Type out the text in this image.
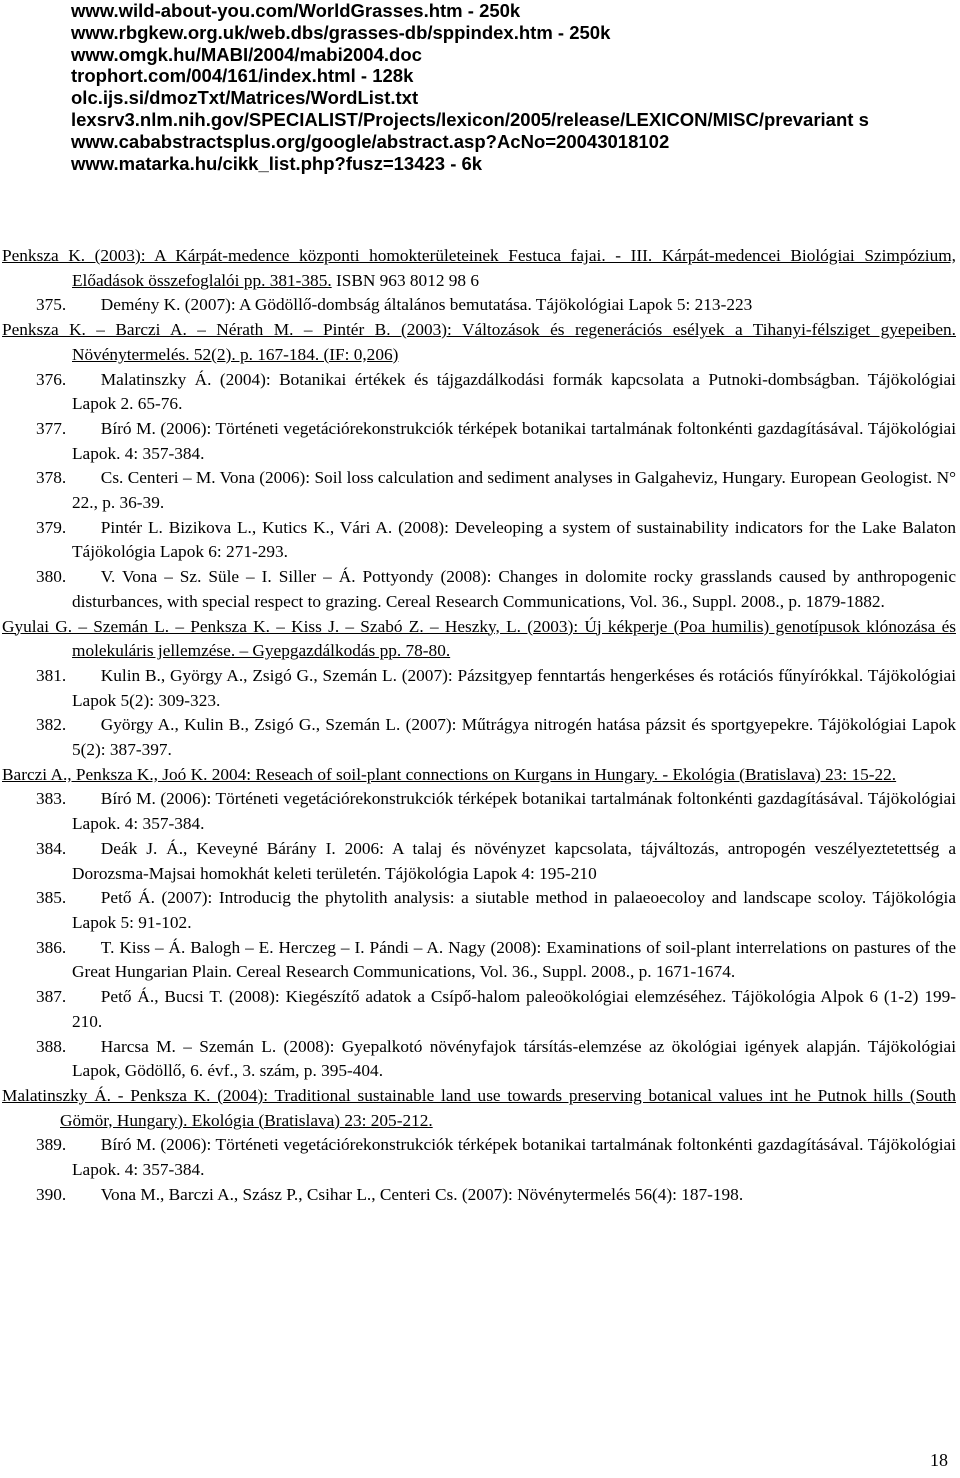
www.wild-about-you.com/WorldGrasses.htm - 250k
www.rbgkew.org.uk/web.dbs/grasses-db/sppindex.htm - 250k
www.omgk.hu/MABI/2004/mabi2004.doc
trophort.com/004/161/index.html - 128k
olc.ijs.si/dmozTxt/Matrices/WordList.txt
lexsrv3.nlm.nih.gov/SPECIALIST/Projects/lexicon/2005/release/LEXICON/MISC/prevariant s
www.cababstractsplus.org/google/abstract.asp?AcNo=20043018102
www.matarka.hu/cikk_list.php?fusz=13423 - 6k

Penksza K. (2003): A Kárpát-medence központi homokterületeinek Festuca fajai. - III. Kárpát-medencei Biológiai Szimpózium, Előadások összefoglalói pp. 381-385. ISBN 963 8012 98 6

375.  Demény K. (2007): A Gödöllő-dombság általános bemutatása. Tájökológiai Lapok 5: 213-223

Penksza K. – Barczi A. – Nérath M. – Pintér B. (2003): Változások és regenerációs esélyek a Tihanyi-félsziget gyepeiben. Növénytermelés. 52(2). p. 167-184. (IF: 0,206)

376.  Malatinszky Á. (2004): Botanikai értékek és tájgazdálkodási formák kapcsolata a Putnoki-dombságban. Tájökológiai Lapok 2. 65-76.

377.  Bíró M. (2006): Történeti vegetációrekonstrukciók térképek botanikai tartalmának foltonkénti gazdagításával. Tájökológiai Lapok. 4: 357-384.

378.  Cs. Centeri – M. Vona (2006): Soil loss calculation and sediment analyses in Galgaheviz, Hungary. European Geologist. N° 22., p. 36-39.

379.  Pintér L. Bizikova L., Kutics K., Vári A. (2008): Develeoping a system of sustainability indicators for the Lake Balaton Tájökológia Lapok 6: 271-293.

380.  V. Vona – Sz. Süle – I. Siller – Á. Pottyondy (2008): Changes in dolomite rocky grasslands caused by anthropogenic disturbances, with special respect to grazing. Cereal Research Communications, Vol. 36., Suppl. 2008., p. 1879-1882.

Gyulai G. – Szemán L. – Penksza K. – Kiss J. – Szabó Z. – Heszky, L. (2003): Új kékperje (Poa humilis) genotípusok klónozása és molekuláris jellemzése. – Gyepgazdálkodás pp. 78-80.

381.  Kulin B., György A., Zsigó G., Szemán L. (2007): Pázsitgyep fenntartás hengerkéses és rotációs fűnyírókkal. Tájökológiai Lapok 5(2): 309-323.

382.  György A., Kulin B., Zsigó G., Szemán L. (2007): Műtrágya nitrogén hatása pázsit és sportgyepekre. Tájökológiai Lapok 5(2): 387-397.

Barczi A., Penksza K., Joó K. 2004: Reseach of soil-plant connections on Kurgans in Hungary. - Ekológia (Bratislava) 23: 15-22.

383.  Bíró M. (2006): Történeti vegetációrekonstrukciók térképek botanikai tartalmának foltonkénti gazdagításával. Tájökológiai Lapok. 4: 357-384.

384.  Deák J. Á., Keveyné Bárány I. 2006: A talaj és növényzet kapcsolata, tájváltozás, antropogén veszélyeztetettség a Dorozsma-Majsai homokhát keleti területén. Tájökológia Lapok 4: 195-210

385.  Pető Á. (2007): Introducig the phytolith analysis: a siutable method in palaeoecoloy and landscape scoloy. Tájökológia Lapok 5: 91-102.

386.  T. Kiss – Á. Balogh – E. Herczeg – I. Pándi – A. Nagy (2008): Examinations of soil-plant interrelations on pastures of the Great Hungarian Plain. Cereal Research Communications, Vol. 36., Suppl. 2008., p. 1671-1674.

387.  Pető Á., Bucsi T. (2008): Kiegészítő adatok a Csípő-halom paleoökológiai elemzéséhez. Tájökológia Alpok 6 (1-2) 199-210.

388.  Harcsa M. – Szemán L. (2008): Gyepalkotó növényfajok társítás-elemzése az ökológiai igények alapján. Tájökológiai Lapok, Gödöllő, 6. évf., 3. szám, p. 395-404.

Malatinszky Á. - Penksza K. (2004): Traditional sustainable land use towards preserving botanical values int he Putnok hills (South Gömör, Hungary). Ekológia (Bratislava) 23: 205-212.

389.  Bíró M. (2006): Történeti vegetációrekonstrukciók térképek botanikai tartalmának foltonkénti gazdagításával. Tájökológiai Lapok. 4: 357-384.

390.  Vona M., Barczi A., Szász P., Csihar L., Centeri Cs. (2007): Növénytermelés 56(4): 187-198.

18
